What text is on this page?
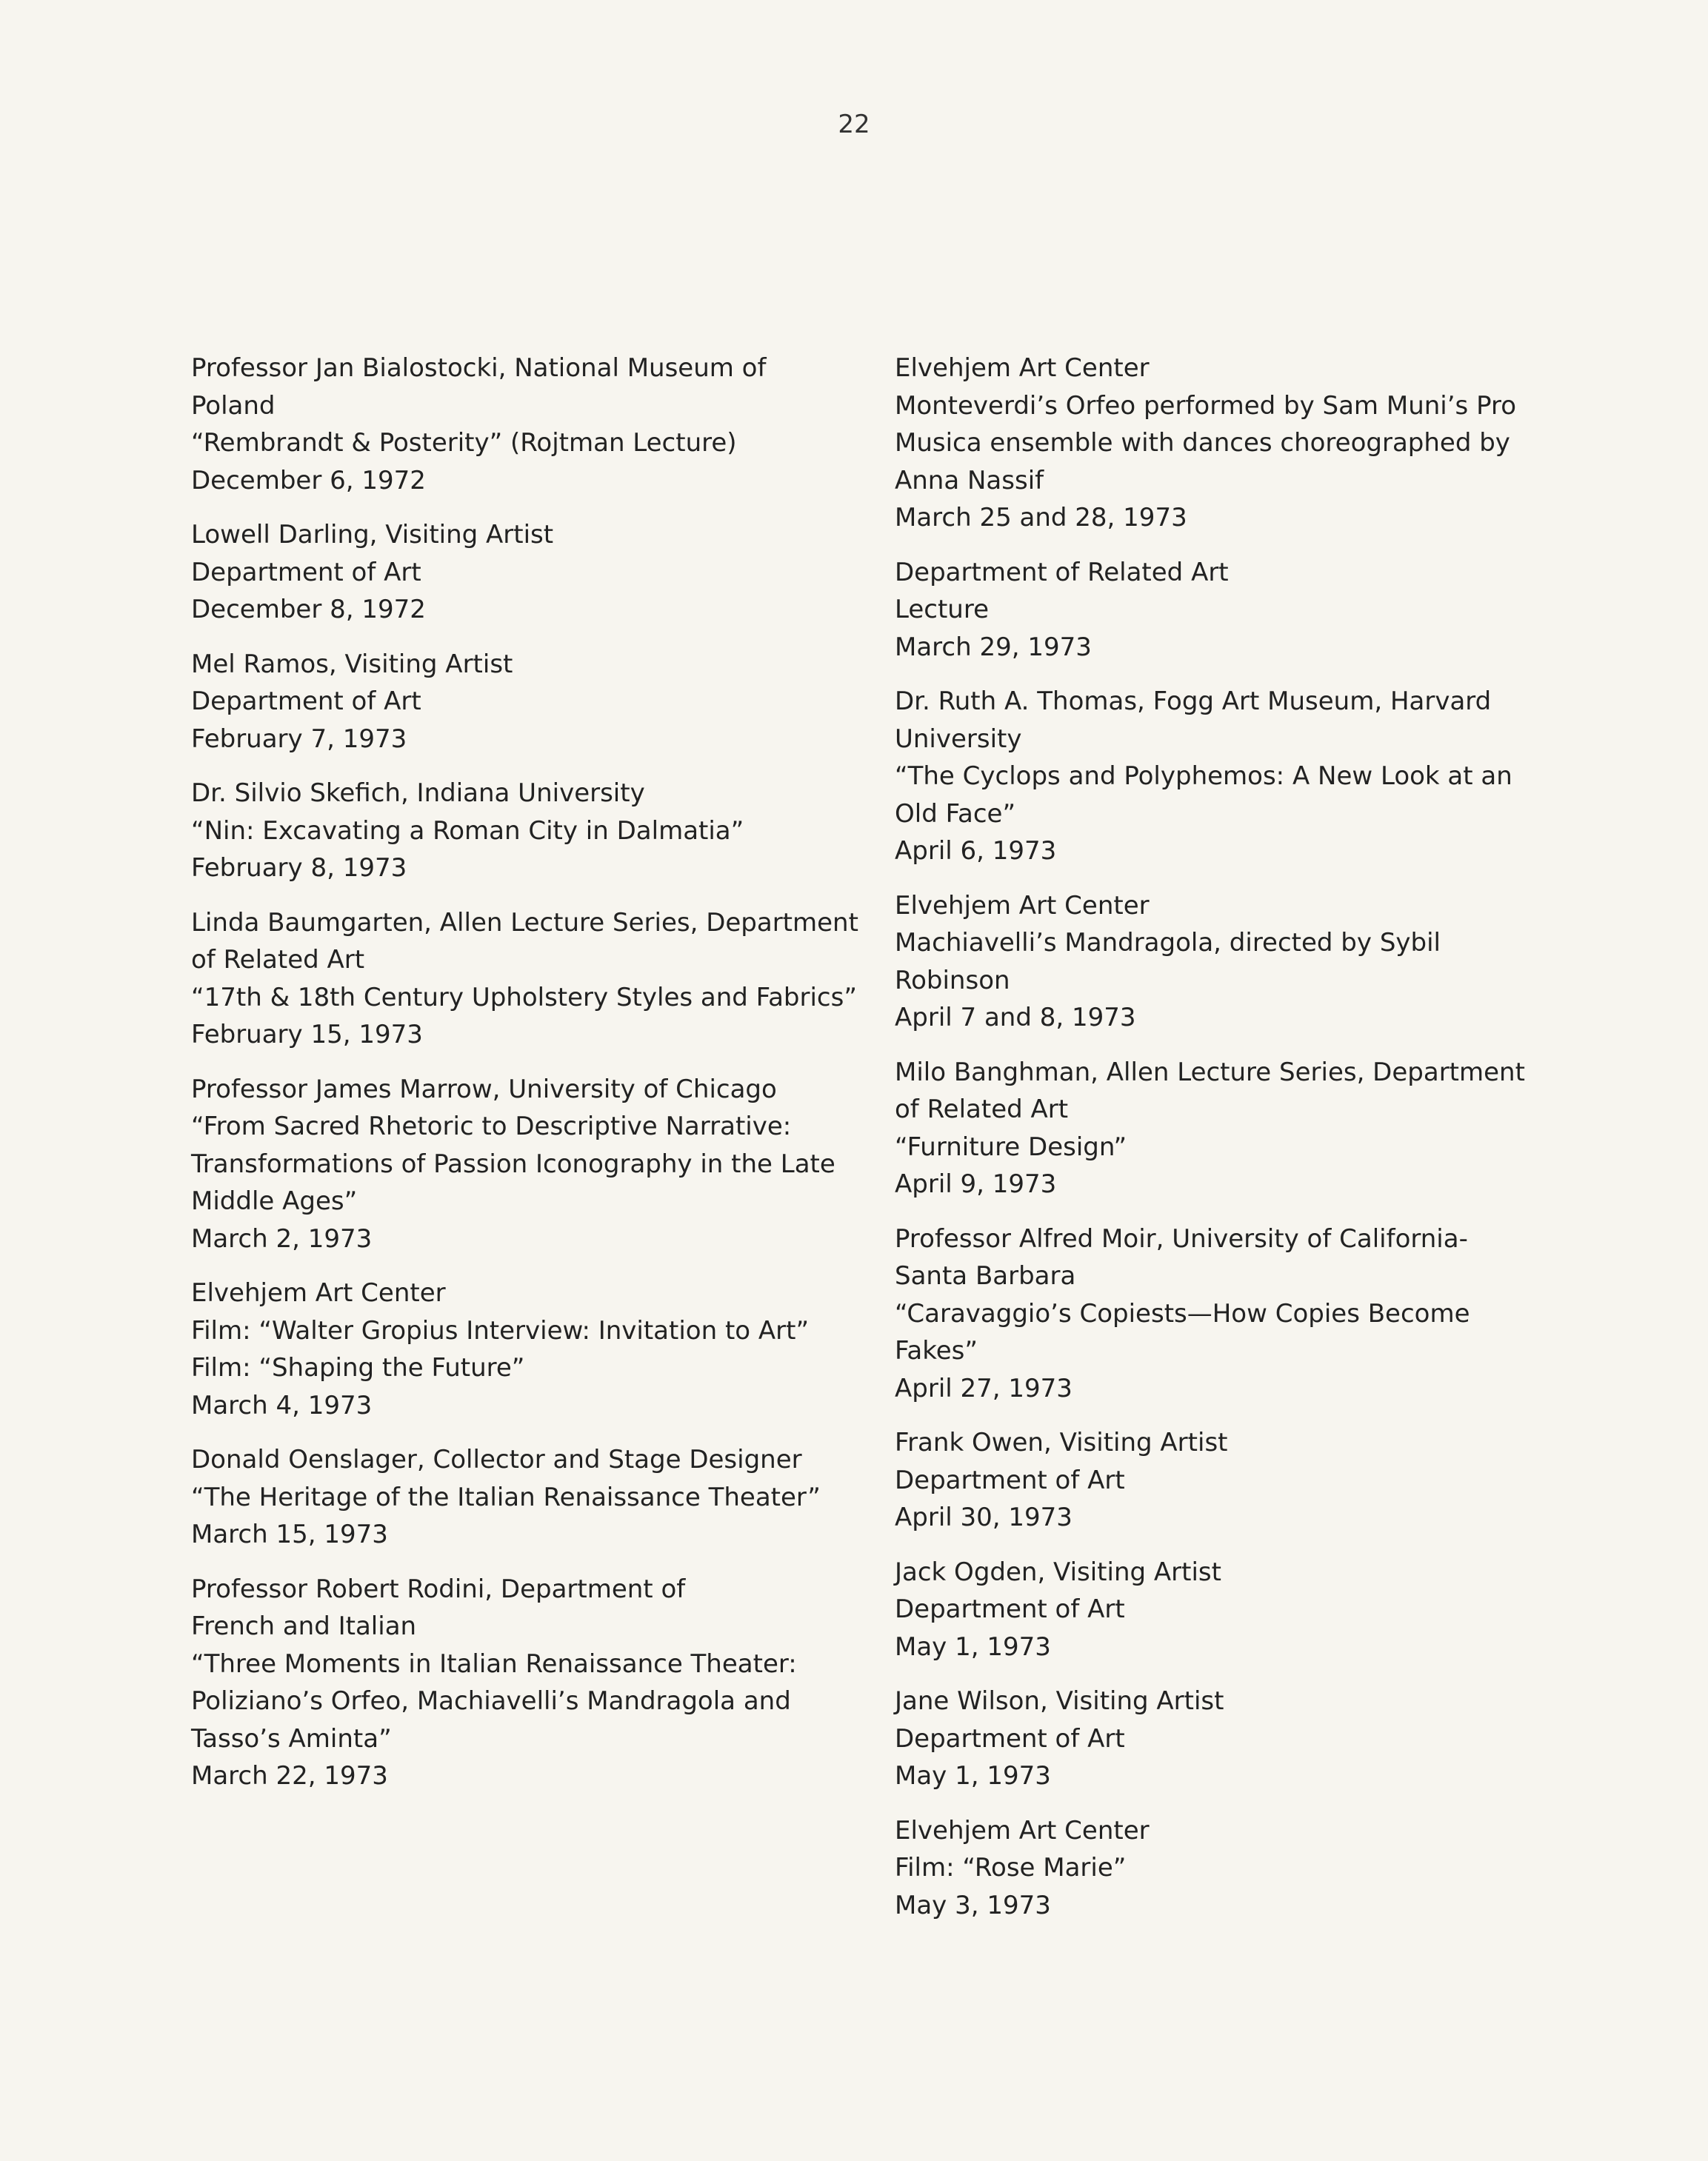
22
Professor Jan Bialostocki, National Museum of
Poland
“Rembrandt & Posterity” (Rojtman Lecture)
December 6, 1972
Lowell Darling, Visiting Artist
Department of Art
December 8, 1972
Mel Ramos, Visiting Artist
Department of Art
February 7, 1973
Dr. Silvio Skefich, Indiana University
“Nin: Excavating a Roman City in Dalmatia”
February 8, 1973
Linda Baumgarten, Allen Lecture Series, Department
of Related Art
“17th & 18th Century Upholstery Styles and Fabrics”
February 15, 1973
Professor James Marrow, University of Chicago
“From Sacred Rhetoric to Descriptive Narrative:
Transformations of Passion Iconography in the Late
Middle Ages”
March 2, 1973
Elvehjem Art Center
Film: “Walter Gropius Interview: Invitation to Art”
Film: “Shaping the Future”
March 4, 1973
Donald Oenslager, Collector and Stage Designer
“The Heritage of the Italian Renaissance Theater”
March 15, 1973
Professor Robert Rodini, Department of
French and Italian
“Three Moments in Italian Renaissance Theater:
Poliziano’s Orfeo, Machiavelli’s Mandragola and
Tasso’s Aminta”
March 22, 1973
Elvehjem Art Center
Monteverdi’s Orfeo performed by Sam Muni’s Pro
Musica ensemble with dances choreographed by
Anna Nassif
March 25 and 28, 1973
Department of Related Art
Lecture
March 29, 1973
Dr. Ruth A. Thomas, Fogg Art Museum, Harvard
University
“The Cyclops and Polyphemos: A New Look at an
Old Face”
April 6, 1973
Elvehjem Art Center
Machiavelli’s Mandragola, directed by Sybil
Robinson
April 7 and 8, 1973
Milo Banghman, Allen Lecture Series, Department
of Related Art
“Furniture Design”
April 9, 1973
Professor Alfred Moir, University of California-
Santa Barbara
“Caravaggio’s Copiests—How Copies Become
Fakes”
April 27, 1973
Frank Owen, Visiting Artist
Department of Art
April 30, 1973
Jack Ogden, Visiting Artist
Department of Art
May 1, 1973
Jane Wilson, Visiting Artist
Department of Art
May 1, 1973
Elvehjem Art Center
Film: “Rose Marie”
May 3, 1973
